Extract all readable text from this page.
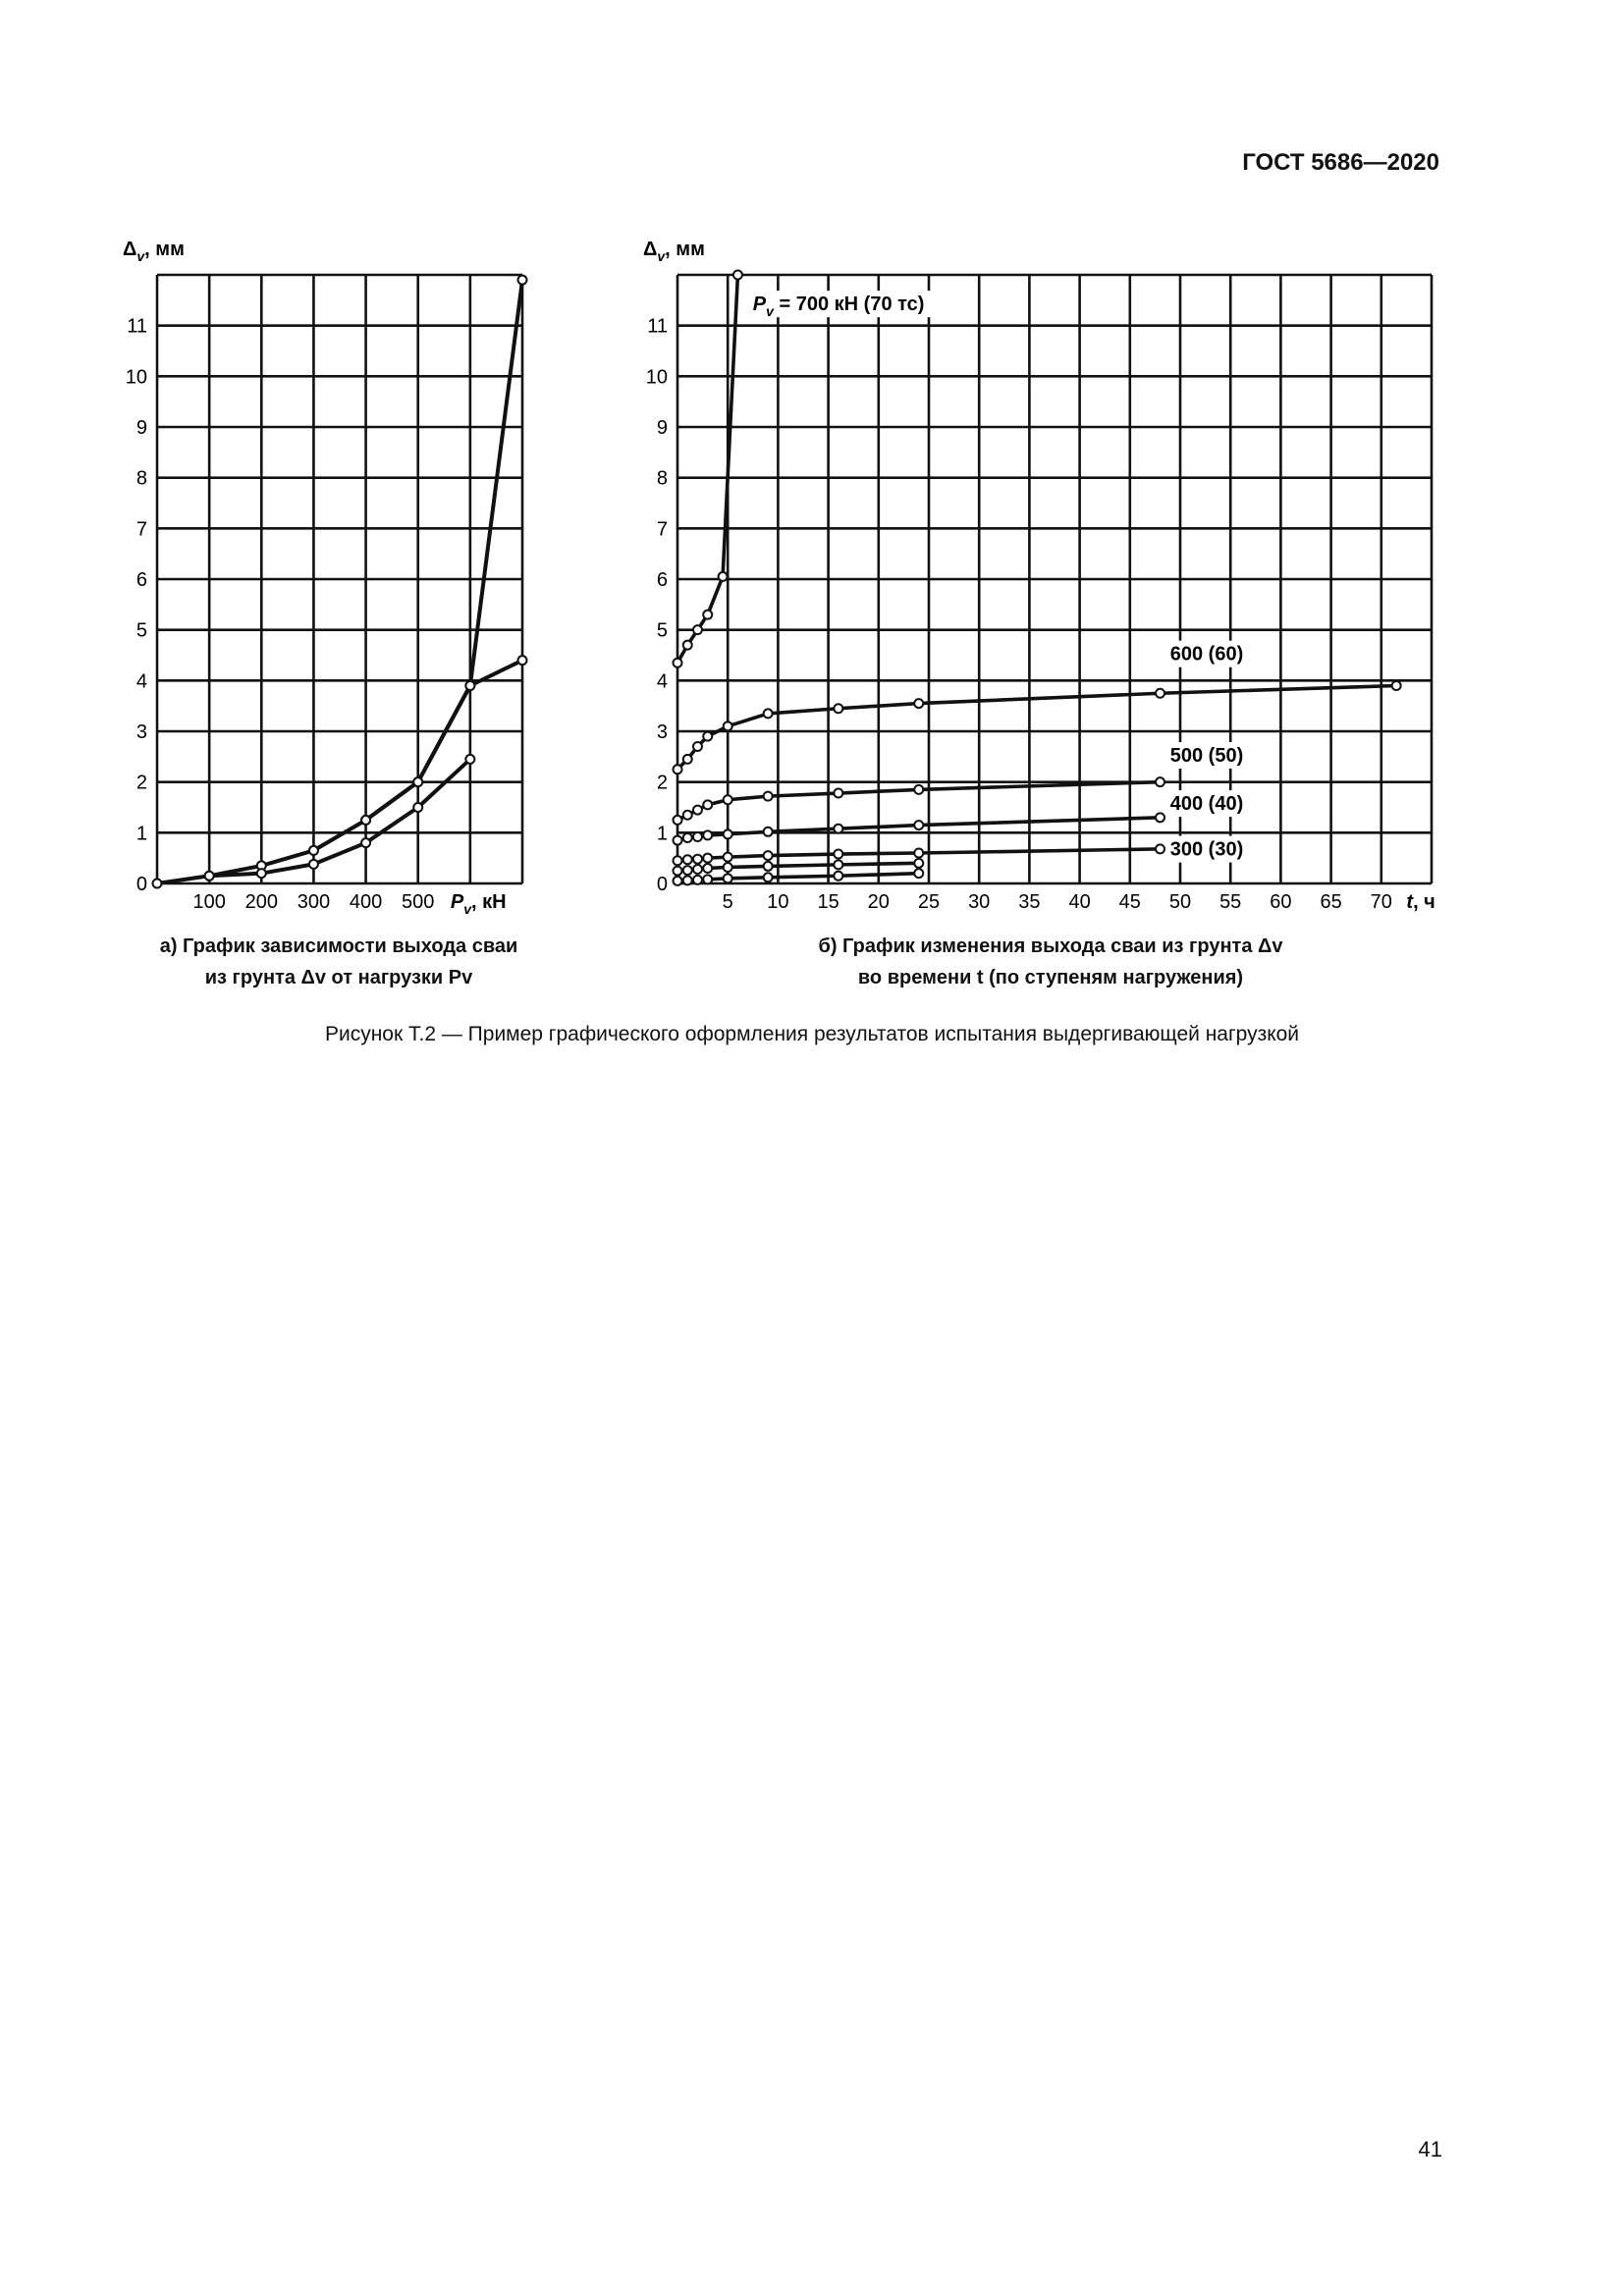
ГОСТ 5686—2020
0
1
2
3
4
5
6
7
8
9
10
11
100 200 300 400 500 $P_v$, кН
$\Delta_v$, мм
0
1
2
3
4
5
6
7
8
9
10
11
5 10 15 20 25 30 35 40 45 50 55 60 65 70 t, ч
$\Delta_v$, мм
300 (30)
400 (40)
500 (50)
600 (60)
$P_v = 700$ кН (70 тс)
а) График зависимости выхода сваи
из грунта Δv от нагрузки Pv
б) График изменения выхода сваи из грунта Δv
во времени t (по ступеням нагружения)
Рисунок Т.2 — Пример графического оформления результатов испытания выдергивающей нагрузкой
41
